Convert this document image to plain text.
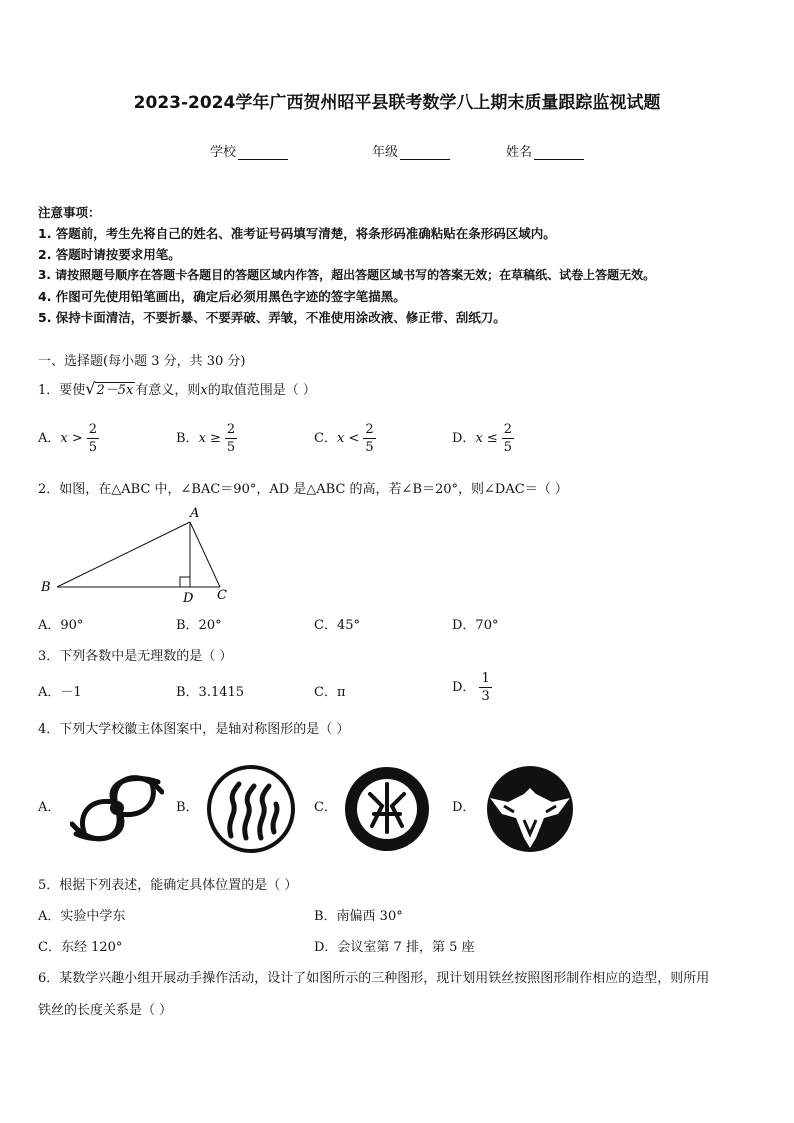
2023-2024学年广西贺州昭平县联考数学八上期末质量跟踪监视试题
学校	年级	姓名
注意事项：
1. 答题前，考生先将自己的姓名、准考证号码填写清楚，将条形码准确粘贴在条形码区域内。
2. 答题时请按要求用笔。
3. 请按照题号顺序在答题卡各题目的答题区域内作答，超出答题区域书写的答案无效；在草稿纸、试卷上答题无效。
4. 作图可先使用铅笔画出，确定后必须用黑色字迹的签字笔描黑。
5. 保持卡面清洁，不要折暴、不要弄破、弄皱，不准使用涂改液、修正带、刮纸刀。
一、选择题(每小题 3 分，共 30 分)
1．要使√2－5x 有意义，则x的取值范围是（ ）
A．$x > \frac{2}{5}$	B．$x \ge \frac{2}{5}$	C．$x < \frac{2}{5}$	D．$x \le \frac{2}{5}$
2．如图，在△ABC 中，∠BAC＝90°，AD 是△ABC 的高，若∠B＝20°，则∠DAC＝（ ）
A
B
C
D
A．90°	B．20°	C．45°	D．70°
3．下列各数中是无理数的是（ ）
A．－1	B．3.1415	C．π	D． $\frac{1}{3}$
4．下列大学校徽主体图案中，是轴对称图形的是（ ）
A．	B．	C．	D．
5．根据下列表述，能确定具体位置的是（ ）
A．实验中学东	B．南偏西 30°
C．东经 120°	D．会议室第 7 排，第 5 座
6．某数学兴趣小组开展动手操作活动，设计了如图所示的三种图形，现计划用铁丝按照图形制作相应的造型，则所用
铁丝的长度关系是（ ）
